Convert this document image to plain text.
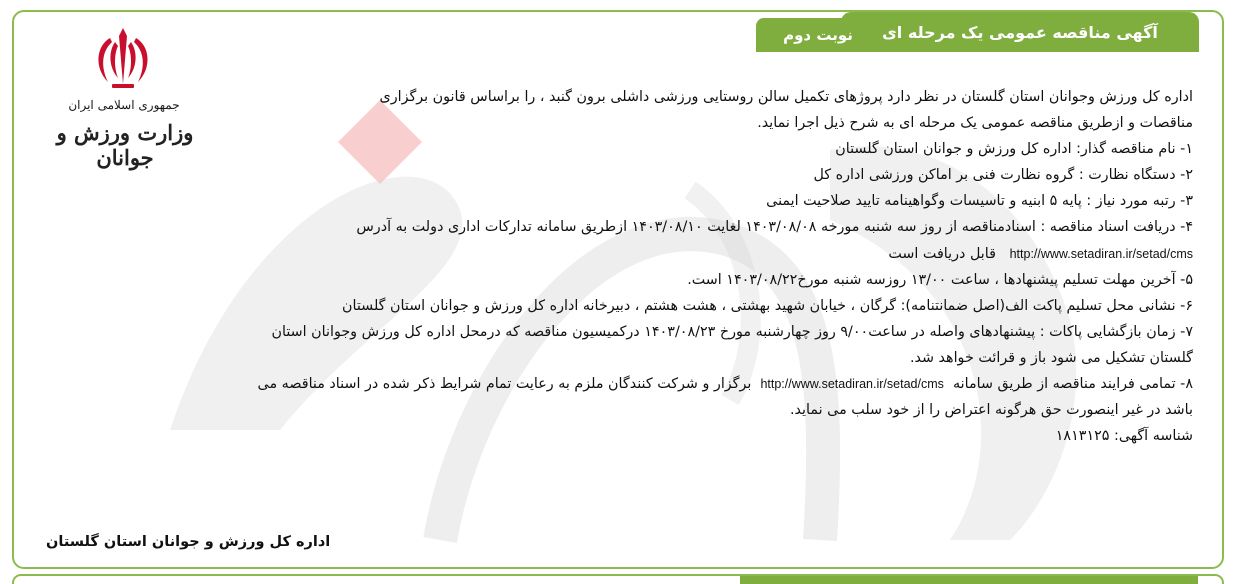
آگهی مناقصه عمومی یک مرحله ای
نوبت دوم
جمهوری اسلامی ایران
وزارت ورزش و جوانان
اداره کل ورزش وجوانان استان گلستان در نظر دارد پروژهای تکمیل سالن روستایی ورزشی داشلی برون گنبد ، را براساس قانون برگزاری
مناقصات و ازطریق مناقصه عمومی یک مرحله ای به شرح ذیل اجرا نماید.
۱- نام مناقصه گذار: اداره کل ورزش و جوانان استان گلستان
۲- دستگاه نظارت : گروه نظارت فنی بر اماکن ورزشی اداره کل
۳- رتبه مورد نیاز : پایه ۵ ابنیه و تاسیسات وگواهینامه تایید صلاحیت ایمنی
۴- دریافت اسناد مناقصه : اسنادمناقصه از روز سه شنبه مورخه ۱۴۰۳/۰۸/۰۸ لغایت ۱۴۰۳/۰۸/۱۰ ازطریق سامانه تدارکات اداری دولت به آدرس
http://www.setadiran.ir/setad/cms   قابل دریافت است
۵- آخرین مهلت تسلیم پیشنهادها ، ساعت ۱۳/۰۰ روزسه شنبه مورخ۱۴۰۳/۰۸/۲۲ است.
۶- نشانی محل تسلیم پاکت الف(اصل ضمانتنامه): گرگان ، خیابان شهید بهشتی ، هشت هشتم ، دبیرخانه اداره کل ورزش و جوانان استان گلستان
۷- زمان بازگشایی پاکات : پیشنهادهای واصله در ساعت۹/۰۰ روز چهارشنبه مورخ ۱۴۰۳/۰۸/۲۳ درکمیسیون مناقصه که درمحل اداره کل ورزش وجوانان استان
گلستان تشکیل می شود باز و قرائت خواهد شد.
۸- تمامی فرایند مناقصه از طریق سامانه  http://www.setadiran.ir/setad/cms  برگزار و شرکت کنندگان ملزم به رعایت تمام شرایط ذکر شده در اسناد مناقصه می
باشد در غیر اینصورت حق هرگونه اعتراض را از خود سلب می نماید.
شناسه آگهی: ۱۸۱۳۱۲۵
اداره کل ورزش و جوانان استان گلستان
